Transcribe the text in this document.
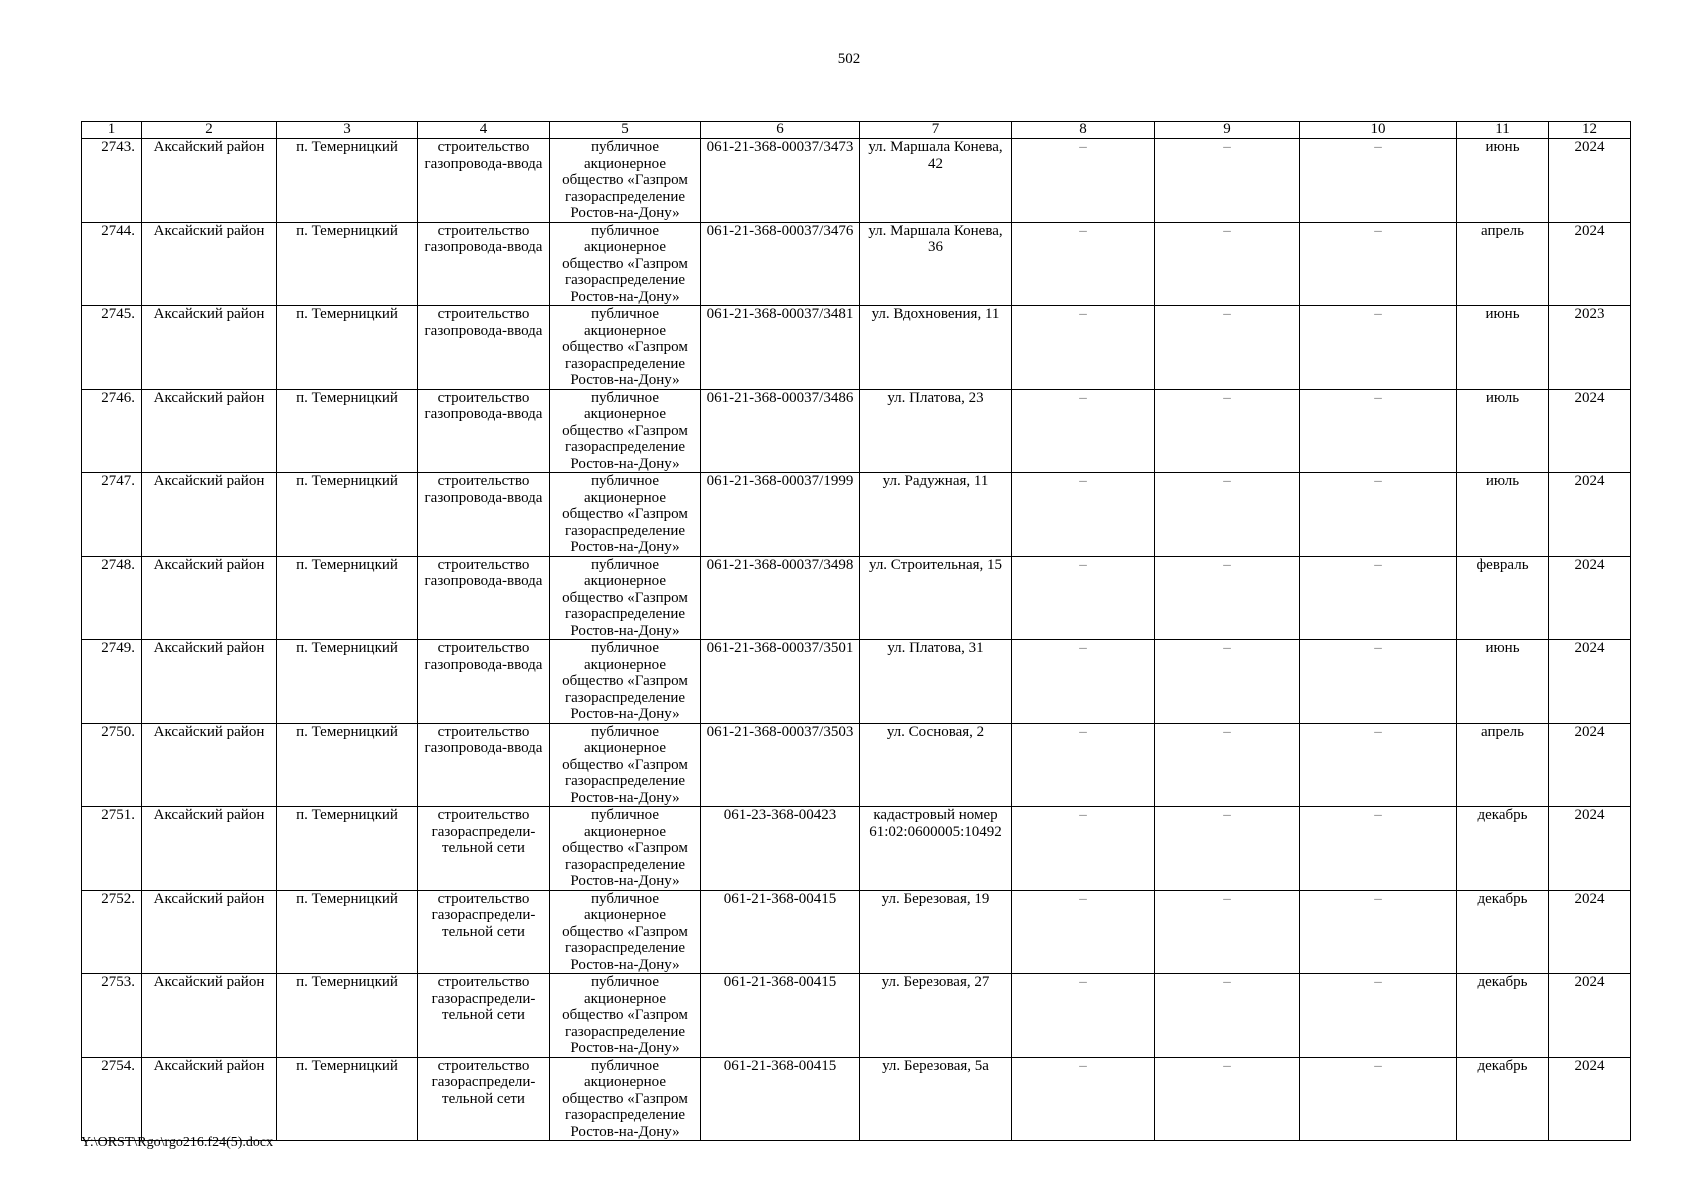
502
1	2	3	4	5	6	7	8	9	10	11	12
2743.	Аксайский район	п. Темерницкий	строительство газопровода-ввода	публичное акционерное общество «Газпром газораспределение Ростов-на-Дону»	061-21-368-00037/3473	ул. Маршала Конева, 42	–	–	–	июнь	2024
2744.	Аксайский район	п. Темерницкий	строительство газопровода-ввода	публичное акционерное общество «Газпром газораспределение Ростов-на-Дону»	061-21-368-00037/3476	ул. Маршала Конева, 36	–	–	–	апрель	2024
2745.	Аксайский район	п. Темерницкий	строительство газопровода-ввода	публичное акционерное общество «Газпром газораспределение Ростов-на-Дону»	061-21-368-00037/3481	ул. Вдохновения, 11	–	–	–	июнь	2023
2746.	Аксайский район	п. Темерницкий	строительство газопровода-ввода	публичное акционерное общество «Газпром газораспределение Ростов-на-Дону»	061-21-368-00037/3486	ул. Платова, 23	–	–	–	июль	2024
2747.	Аксайский район	п. Темерницкий	строительство газопровода-ввода	публичное акционерное общество «Газпром газораспределение Ростов-на-Дону»	061-21-368-00037/1999	ул. Радужная, 11	–	–	–	июль	2024
2748.	Аксайский район	п. Темерницкий	строительство газопровода-ввода	публичное акционерное общество «Газпром газораспределение Ростов-на-Дону»	061-21-368-00037/3498	ул. Строительная, 15	–	–	–	февраль	2024
2749.	Аксайский район	п. Темерницкий	строительство газопровода-ввода	публичное акционерное общество «Газпром газораспределение Ростов-на-Дону»	061-21-368-00037/3501	ул. Платова, 31	–	–	–	июнь	2024
2750.	Аксайский район	п. Темерницкий	строительство газопровода-ввода	публичное акционерное общество «Газпром газораспределение Ростов-на-Дону»	061-21-368-00037/3503	ул. Сосновая, 2	–	–	–	апрель	2024
2751.	Аксайский район	п. Темерницкий	строительство газораспредели-тельной сети	публичное акционерное общество «Газпром газораспределение Ростов-на-Дону»	061-23-368-00423	кадастровый номер 61:02:0600005:10492	–	–	–	декабрь	2024
2752.	Аксайский район	п. Темерницкий	строительство газораспредели-тельной сети	публичное акционерное общество «Газпром газораспределение Ростов-на-Дону»	061-21-368-00415	ул. Березовая, 19	–	–	–	декабрь	2024
2753.	Аксайский район	п. Темерницкий	строительство газораспредели-тельной сети	публичное акционерное общество «Газпром газораспределение Ростов-на-Дону»	061-21-368-00415	ул. Березовая, 27	–	–	–	декабрь	2024
2754.	Аксайский район	п. Темерницкий	строительство газораспредели-тельной сети	публичное акционерное общество «Газпром газораспределение Ростов-на-Дону»	061-21-368-00415	ул. Березовая, 5а	–	–	–	декабрь	2024
Y:\ORST\Rgo\rgo216.f24(5).docx
